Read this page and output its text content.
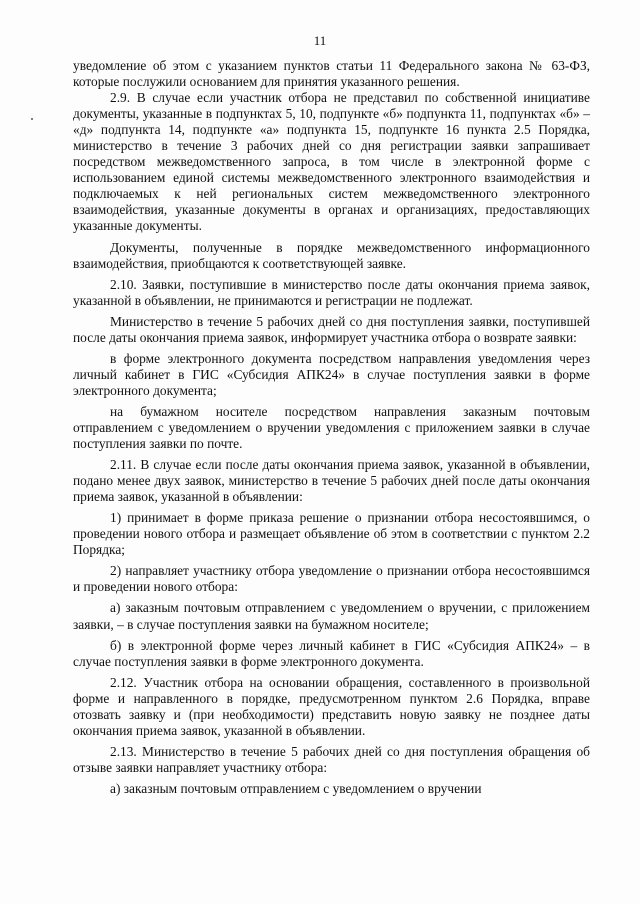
11

уведомление об этом с указанием пунктов статьи 11 Федерального закона № 63-ФЗ, которые послужили основанием для принятия указанного решения.

2.9. В случае если участник отбора не представил по собственной инициативе документы, указанные в подпунктах 5, 10, подпункте «б» подпункта 11, подпунктах «б» – «д» подпункта 14, подпункте «а» подпункта 15, подпункте 16 пункта 2.5 Порядка, министерство в течение 3 рабочих дней со дня регистрации заявки запрашивает посредством межведомственного запроса, в том числе в электронной форме с использованием единой системы межведомственного электронного взаимодействия и подключаемых к ней региональных систем межведомственного электронного взаимодействия, указанные документы в органах и организациях, предоставляющих указанные документы.

Документы, полученные в порядке межведомственного информационного взаимодействия, приобщаются к соответствующей заявке.

2.10. Заявки, поступившие в министерство после даты окончания приема заявок, указанной в объявлении, не принимаются и регистрации не подлежат.

Министерство в течение 5 рабочих дней со дня поступления заявки, поступившей после даты окончания приема заявок, информирует участника отбора о возврате заявки:

в форме электронного документа посредством направления уведомления через личный кабинет в ГИС «Субсидия АПК24» в случае поступления заявки в форме электронного документа;

на бумажном носителе посредством направления заказным почтовым отправлением с уведомлением о вручении уведомления с приложением заявки в случае поступления заявки по почте.

2.11. В случае если после даты окончания приема заявок, указанной в объявлении, подано менее двух заявок, министерство в течение 5 рабочих дней после даты окончания приема заявок, указанной в объявлении:

1) принимает в форме приказа решение о признании отбора несостоявшимся, о проведении нового отбора и размещает объявление об этом в соответствии с пунктом 2.2 Порядка;

2) направляет участнику отбора уведомление о признании отбора несостоявшимся и проведении нового отбора:

а) заказным почтовым отправлением с уведомлением о вручении, с приложением заявки, – в случае поступления заявки на бумажном носителе;

б) в электронной форме через личный кабинет в ГИС «Субсидия АПК24» – в случае поступления заявки в форме электронного документа.

2.12. Участник отбора на основании обращения, составленного в произвольной форме и направленного в порядке, предусмотренном пунктом 2.6 Порядка, вправе отозвать заявку и (при необходимости) представить новую заявку не позднее даты окончания приема заявок, указанной в объявлении.

2.13. Министерство в течение 5 рабочих дней со дня поступления обращения об отзыве заявки направляет участнику отбора:

а) заказным почтовым отправлением с уведомлением о вручении
